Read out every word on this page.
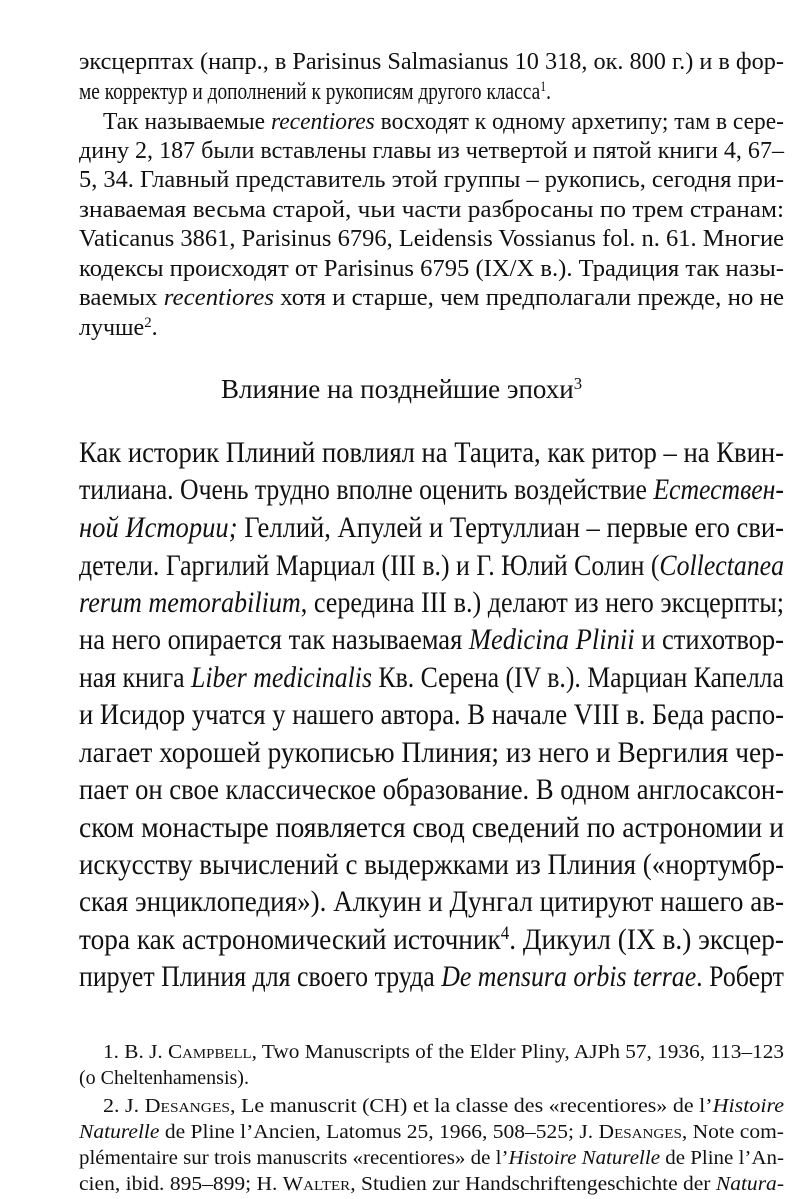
эксцерптах (напр., в Parisinus Salmasianus 10 318, ок. 800 г.) и в фор-
ме корректур и дополнений к рукописям другого класса$^1$.
Так называемые recentiores восходят к одному архетипу; там в сере-
дину 2, 187 были вставлены главы из четвертой и пятой книги 4, 67–
5, 34. Главный представитель этой группы – рукопись, сегодня при-
знаваемая весьма старой, чьи части разбросаны по трем странам:
Vaticanus 3861, Parisinus 6796, Leidensis Vossianus fol. n. 61. Многие
кодексы происходят от Parisinus 6795 (IX/X в.). Традиция так назы-
ваемых recentiores хотя и старше, чем предполагали прежде, но не
лучше$^2$.
Влияние на позднейшие эпохи$^3$
Как историк Плиний повлиял на Тацита, как ритор – на Квин-
тилиана. Очень трудно вполне оценить воздействие Естествен-
ной Истории; Геллий, Апулей и Тертуллиан – первые его сви-
детели. Гаргилий Марциал (III в.) и Г. Юлий Солин (Collectanea
rerum memorabilium, середина III в.) делают из него эксцерпты;
на него опирается так называемая Medicina Plinii и стихотвор-
ная книга Liber medicinalis Кв. Серена (IV в.). Марциан Капелла
и Исидор учатся у нашего автора. В начале VIII в. Беда распо-
лагает хорошей рукописью Плиния; из него и Вергилия чер-
пает он свое классическое образование. В одном англосаксон-
ском монастыре появляется свод сведений по астрономии и
искусству вычислений с выдержками из Плиния («нортумбр-
ская энциклопедия»). Алкуин и Дунгал цитируют нашего ав-
тора как астрономический источник$^4$. Дикуил (IX в.) эксцер-
пирует Плиния для своего труда De mensura orbis terrae. Роберт
1. B. J. Campbell, Two Manuscripts of the Elder Pliny, AJPh 57, 1936, 113–123
(o Cheltenhamensis).
2. J. Desanges, Le manuscrit (CH) et la classe des «recentiores» de l’Histoire
Naturelle de Pline l’Ancien, Latomus 25, 1966, 508–525; J. Desanges, Note com-
plémentaire sur trois manuscrits «recentiores» de l’Histoire Naturelle de Pline l’An-
cien, ibid. 895–899; H. Walter, Studien zur Handschriftengeschichte der Natura-
